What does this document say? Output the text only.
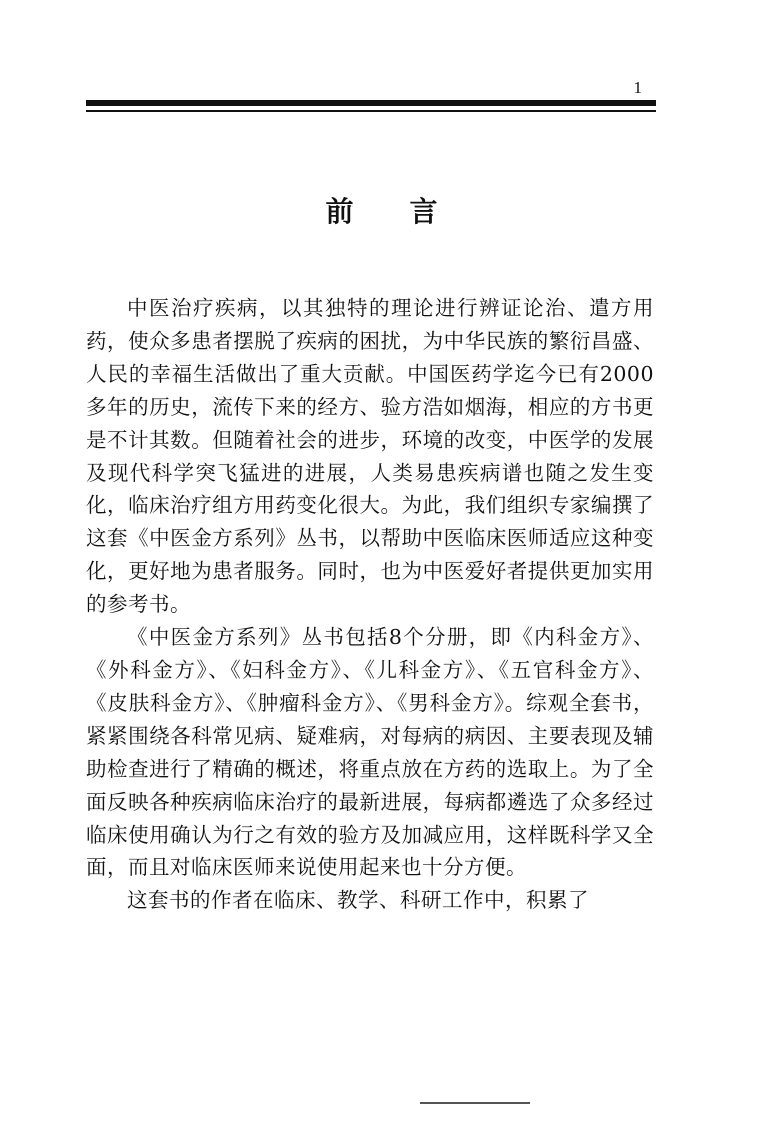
1
前言

中医治疗疾病，以其独特的理论进行辨证论治、遣方用药，使众多患者摆脱了疾病的困扰，为中华民族的繁衍昌盛、人民的幸福生活做出了重大贡献。中国医药学迄今已有2000多年的历史，流传下来的经方、验方浩如烟海，相应的方书更是不计其数。但随着社会的进步，环境的改变，中医学的发展及现代科学突飞猛进的进展，人类易患疾病谱也随之发生变化，临床治疗组方用药变化很大。为此，我们组织专家编撰了这套《中医金方系列》丛书，以帮助中医临床医师适应这种变化，更好地为患者服务。同时，也为中医爱好者提供更加实用的参考书。

《中医金方系列》丛书包括8个分册，即《内科金方》、《外科金方》、《妇科金方》、《儿科金方》、《五官科金方》、《皮肤科金方》、《肿瘤科金方》、《男科金方》。综观全套书，紧紧围绕各科常见病、疑难病，对每病的病因、主要表现及辅助检查进行了精确的概述，将重点放在方药的选取上。为了全面反映各种疾病临床治疗的最新进展，每病都遴选了众多经过临床使用确认为行之有效的验方及加减应用，这样既科学又全面，而且对临床医师来说使用起来也十分方便。

这套书的作者在临床、教学、科研工作中，积累了
